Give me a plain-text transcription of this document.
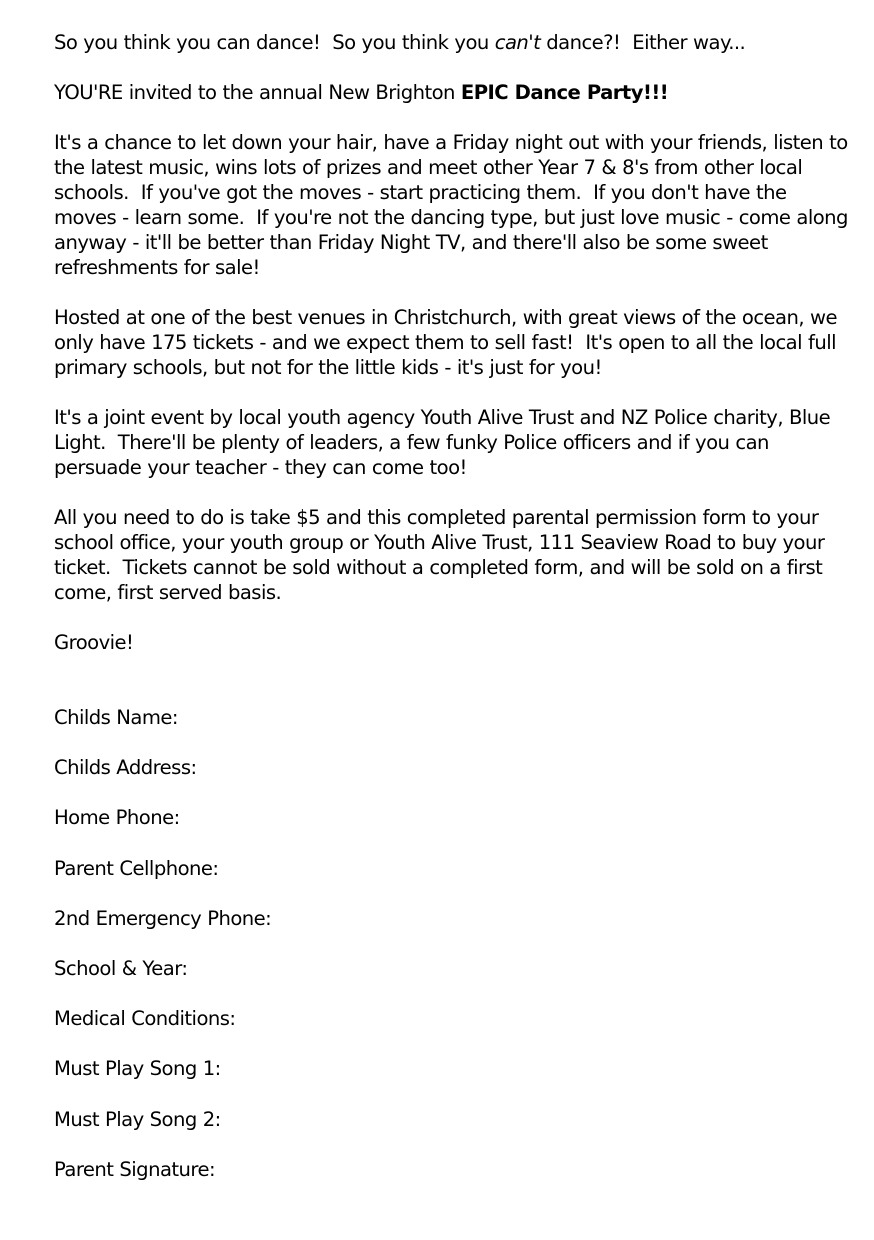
So you think you can dance!  So you think you can't dance?!  Either way...

YOU'RE invited to the annual New Brighton EPIC Dance Party!!!

It's a chance to let down your hair, have a Friday night out with your friends, listen to
the latest music, wins lots of prizes and meet other Year 7 & 8's from other local
schools.  If you've got the moves - start practicing them.  If you don't have the
moves - learn some.  If you're not the dancing type, but just love music - come along
anyway - it'll be better than Friday Night TV, and there'll also be some sweet
refreshments for sale!

Hosted at one of the best venues in Christchurch, with great views of the ocean, we
only have 175 tickets - and we expect them to sell fast!  It's open to all the local full
primary schools, but not for the little kids - it's just for you!

It's a joint event by local youth agency Youth Alive Trust and NZ Police charity, Blue
Light.  There'll be plenty of leaders, a few funky Police officers and if you can
persuade your teacher - they can come too!

All you need to do is take $5 and this completed parental permission form to your
school office, your youth group or Youth Alive Trust, 111 Seaview Road to buy your
ticket.  Tickets cannot be sold without a completed form, and will be sold on a first
come, first served basis.

Groovie!

Childs Name:
Childs Address:
Home Phone:
Parent Cellphone:
2nd Emergency Phone:
School & Year:
Medical Conditions:
Must Play Song 1:
Must Play Song 2:
Parent Signature:
